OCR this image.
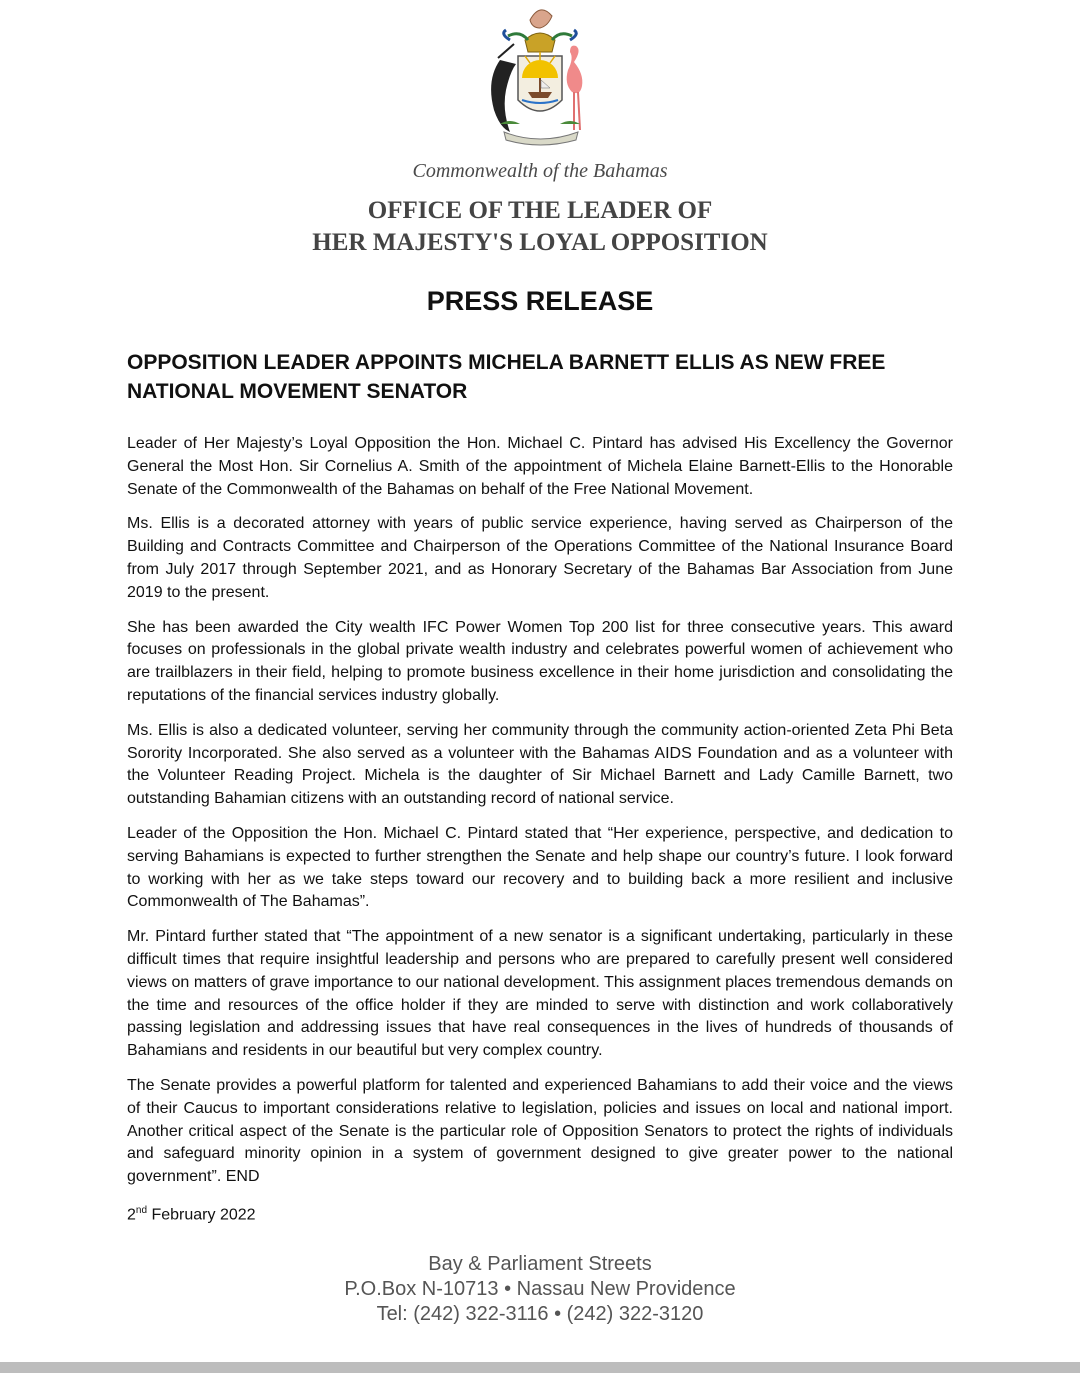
Commonwealth of the Bahamas
OFFICE OF THE LEADER OF
HER MAJESTY'S LOYAL OPPOSITION
PRESS RELEASE
OPPOSITION LEADER APPOINTS MICHELA BARNETT ELLIS AS NEW FREE
NATIONAL MOVEMENT SENATOR

Leader of Her Majesty’s Loyal Opposition the Hon. Michael C. Pintard has advised His Excellency the Governor General the Most Hon. Sir Cornelius A. Smith of the appointment of Michela Elaine Barnett-Ellis to the Honorable Senate of the Commonwealth of the Bahamas on behalf of the Free National Movement.

Ms. Ellis is a decorated attorney with years of public service experience, having served as Chairperson of the Building and Contracts Committee and Chairperson of the Operations Committee of the National Insurance Board from July 2017 through September 2021, and as Honorary Secretary of the Bahamas Bar Association from June 2019 to the present.

She has been awarded the City wealth IFC Power Women Top 200 list for three consecutive years. This award focuses on professionals in the global private wealth industry and celebrates powerful women of achievement who are trailblazers in their field, helping to promote business excellence in their home jurisdiction and consolidating the reputations of the financial services industry globally.

Ms. Ellis is also a dedicated volunteer, serving her community through the community action-oriented Zeta Phi Beta Sorority Incorporated. She also served as a volunteer with the Bahamas AIDS Foundation and as a volunteer with the Volunteer Reading Project. Michela is the daughter of Sir Michael Barnett and Lady Camille Barnett, two outstanding Bahamian citizens with an outstanding record of national service.

Leader of the Opposition the Hon. Michael C. Pintard stated that “Her experience, perspective, and dedication to serving Bahamians is expected to further strengthen the Senate and help shape our country’s future. I look forward to working with her as we take steps toward our recovery and to building back a more resilient and inclusive Commonwealth of The Bahamas”.

Mr. Pintard further stated that “The appointment of a new senator is a significant undertaking, particularly in these difficult times that require insightful leadership and persons who are prepared to carefully present well considered views on matters of grave importance to our national development. This assignment places tremendous demands on the time and resources of the office holder if they are minded to serve with distinction and work collaboratively passing legislation and addressing issues that have real consequences in the lives of hundreds of thousands of Bahamians and residents in our beautiful but very complex country.

The Senate provides a powerful platform for talented and experienced Bahamians to add their voice and the views of their Caucus to important considerations relative to legislation, policies and issues on local and national import. Another critical aspect of the Senate is the particular role of Opposition Senators to protect the rights of individuals and safeguard minority opinion in a system of government designed to give greater power to the national government”. END

2nd February 2022
Bay & Parliament Streets
P.O.Box N-10713 • Nassau New Providence
Tel: (242) 322-3116 • (242) 322-3120
